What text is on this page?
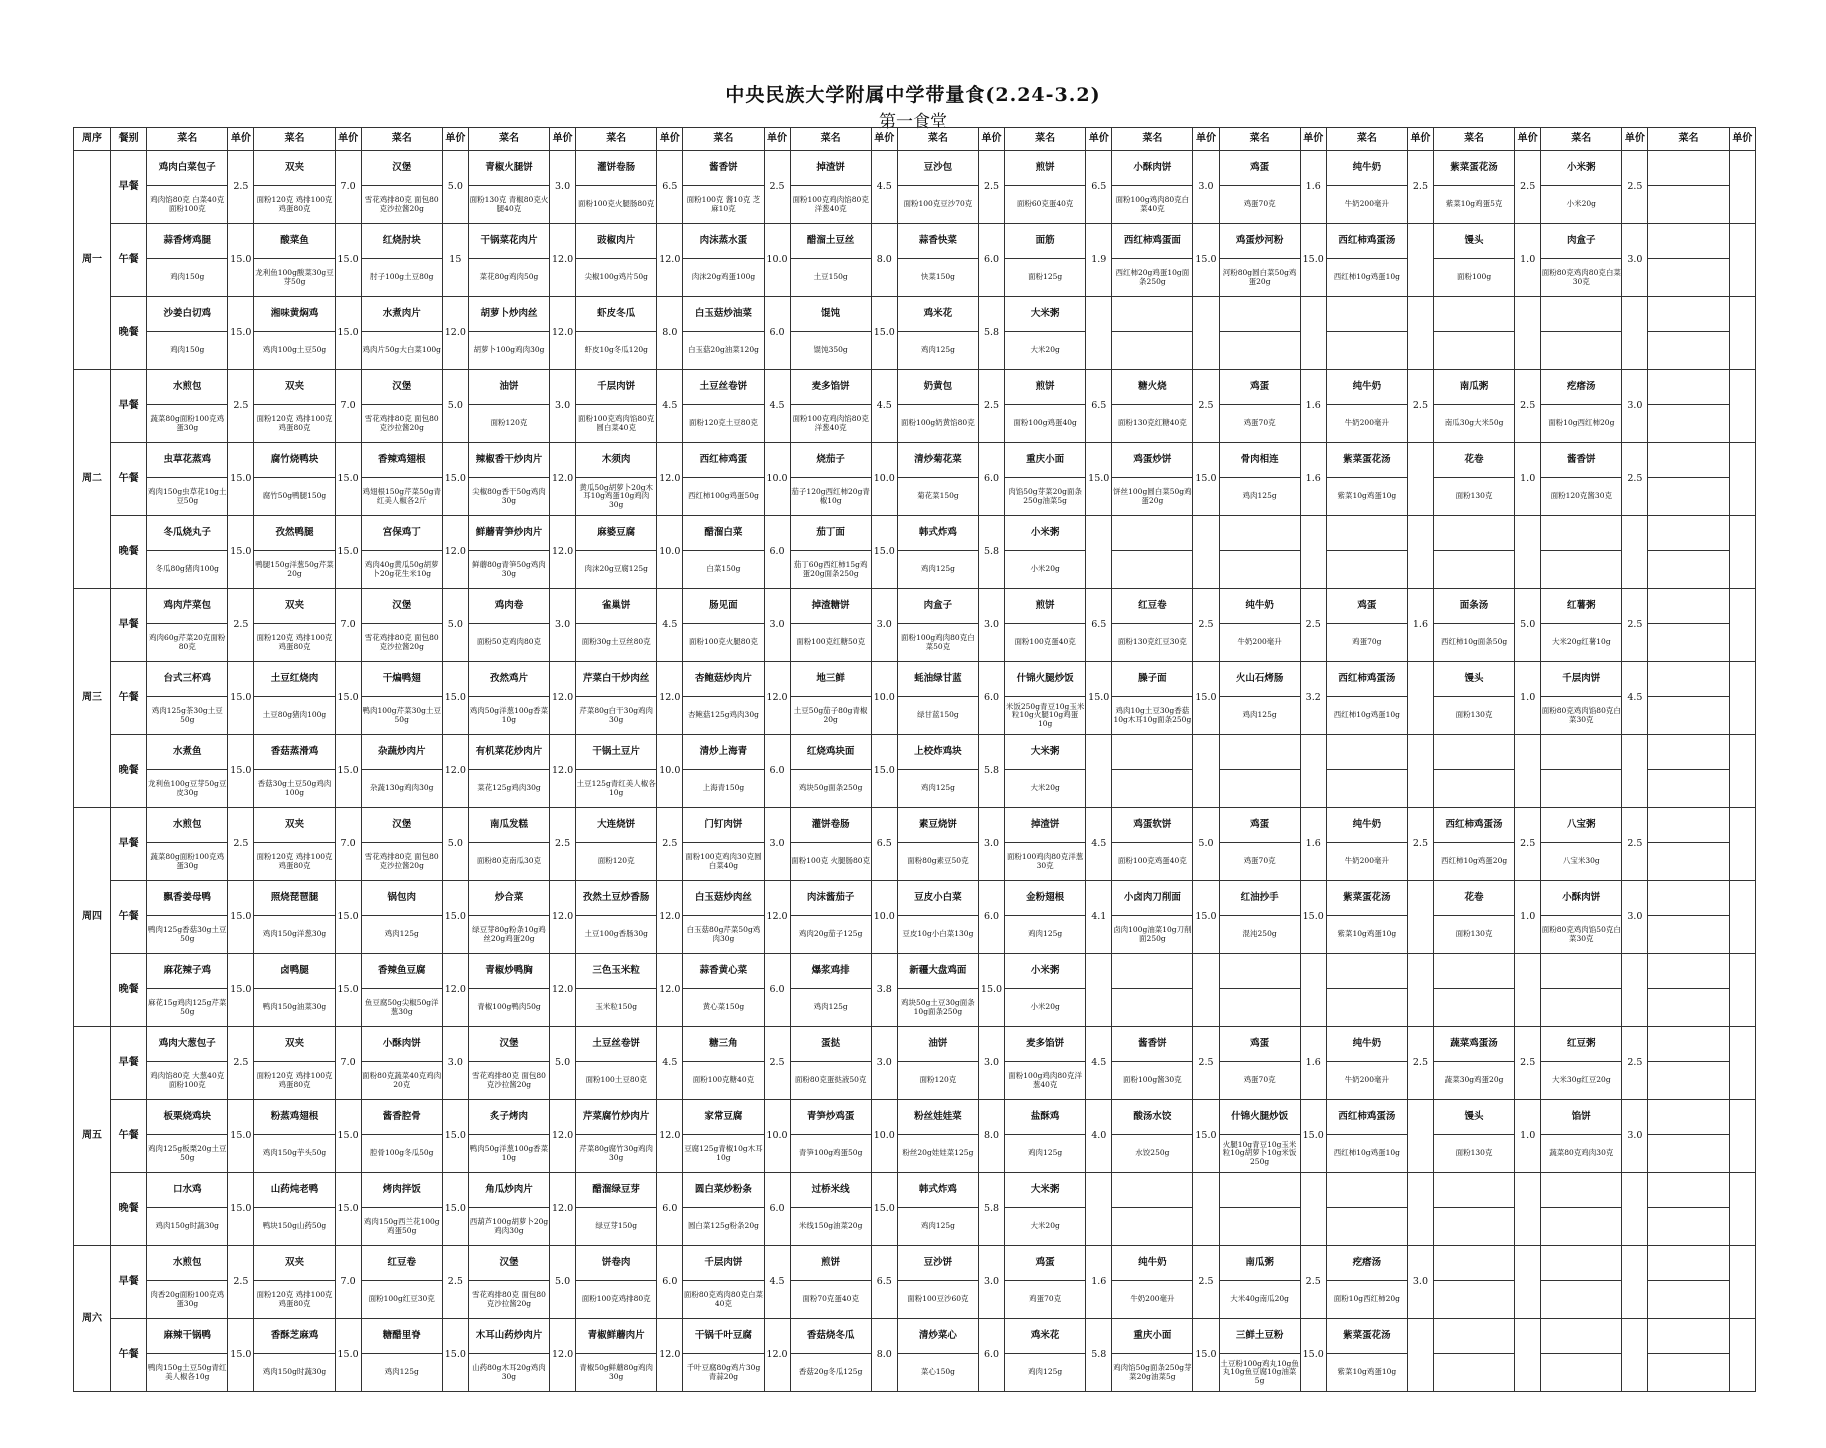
中央民族大学附属中学带量食(2.24-3.2)
第一食堂
周序	餐别	菜名	单价	菜名	单价	菜名	单价	菜名	单价	菜名	单价	菜名	单价	菜名	单价	菜名	单价	菜名	单价	菜名	单价	菜名	单价	菜名	单价	菜名	单价	菜名	单价	菜名	单价
周一	早餐	鸡肉白菜包子	2.5	双夹	7.0	汉堡	5.0	青椒火腿饼	3.0	灌饼卷肠	6.5	酱香饼	2.5	掉渣饼	4.5	豆沙包	2.5	煎饼	6.5	小酥肉饼	3.0	鸡蛋	1.6	纯牛奶	2.5	紫菜蛋花汤	2.5	小米粥	2.5		
		鸡肉馅80克 白菜40克 面粉100克		面粉120克 鸡排100克 鸡蛋80克		雪花鸡排80克 面包80克沙拉酱20g		面粉130克 青椒80克火腿40克		面粉100克火腿肠80克		面粉100克 酱10克 芝麻10克		面粉100克鸡肉馅80克洋葱40克		面粉100克豆沙70克		面粉60克蛋40克		面粉100g鸡肉80克白菜40克		鸡蛋70克		牛奶200毫升		紫菜10g鸡蛋5克		小米20g			
	午餐	蒜香烤鸡腿	15.0	酸菜鱼	15.0	红烧肘块	15	干锅菜花肉片	12.0	豉椒肉片	12.0	肉沫蒸水蛋	10.0	醋溜土豆丝	8.0	蒜香快菜	6.0	面筋	1.9	西红柿鸡蛋面	15.0	鸡蛋炒河粉	15.0	西红柿鸡蛋汤		馒头	1.0	肉盒子	3.0		
		鸡肉150g		龙利鱼100g酸菜30g豆芽50g		肘子100g土豆80g		菜花80g鸡肉50g		尖椒100g鸡片50g		肉沫20g鸡蛋100g		土豆150g		快菜150g		面粉125g		西红柿20g鸡蛋10g面条250g		河粉80g圆白菜50g鸡蛋20g		西红柿10g鸡蛋10g		面粉100g		面粉80克鸡肉80克白菜30克			
	晚餐	沙姜白切鸡	15.0	湘味黄焖鸡	15.0	水煮肉片	12.0	胡萝卜炒肉丝	12.0	虾皮冬瓜	8.0	白玉菇炒油菜	6.0	馄饨	15.0	鸡米花	5.8	大米粥													
		鸡肉150g		鸡肉100g土豆50g		鸡肉片50g大白菜100g		胡萝卜100g鸡肉30g		虾皮10g冬瓜120g		白玉菇20g油菜120g		馄饨350g		鸡肉125g		大米20g													
周二	早餐	水煎包	2.5	双夹	7.0	汉堡	5.0	油饼	3.0	千层肉饼	4.5	土豆丝卷饼	4.5	麦多馅饼	4.5	奶黄包	2.5	煎饼	6.5	糖火烧	2.5	鸡蛋	1.6	纯牛奶	2.5	南瓜粥	2.5	疙瘩汤	3.0		
		蔬菜80g面粉100克鸡蛋30g		面粉120克 鸡排100克 鸡蛋80克		雪花鸡排80克 面包80克沙拉酱20g		面粉120克		面粉100克鸡肉馅80克圆白菜40克		面粉120克土豆80克		面粉100克鸡肉馅80克洋葱40克		面粉100g奶黄馅80克		面粉100g鸡蛋40g		面粉130克红糖40克		鸡蛋70克		牛奶200毫升		南瓜30g大米50g		面粉10g西红柿20g			
	午餐	虫草花蒸鸡	15.0	腐竹烧鸭块	15.0	香辣鸡翅根	15.0	辣椒香干炒肉片	12.0	木须肉	12.0	西红柿鸡蛋	10.0	烧茄子	10.0	清炒菊花菜	6.0	重庆小面	15.0	鸡蛋炒饼	15.0	骨肉相连	1.6	紫菜蛋花汤		花卷	1.0	酱香饼	2.5		
		鸡肉150g虫草花10g土豆50g		腐竹50g鸭腿150g		鸡翅根150g芹菜50g青红美人椒各2斤		尖椒80g香干50g鸡肉30g		黄瓜50g胡萝卜20g木耳10g鸡蛋10g鸡肉30g		西红柿100g鸡蛋50g		茄子120g西红柿20g青椒10g		菊花菜150g		肉馅50g芽菜20g面条250g油菜5g		饼丝100g圆白菜50g鸡蛋20g		鸡肉125g		紫菜10g鸡蛋10g		面粉130克		面粉120克酱30克			
	晚餐	冬瓜烧丸子	15.0	孜然鸭腿	15.0	宫保鸡丁	12.0	鲜蘑青笋炒肉片	12.0	麻婆豆腐	10.0	醋溜白菜	6.0	茄丁面	15.0	韩式炸鸡	5.8	小米粥													
		冬瓜80g猪肉100g		鸭腿150g洋葱50g芹菜20g		鸡肉40g黄瓜50g胡萝卜20g花生米10g		鲜蘑80g青笋50g鸡肉30g		肉沫20g豆腐125g		白菜150g		茄丁60g西红柿15g鸡蛋20g面条250g		鸡肉125g		小米20g													
周三	早餐	鸡肉芹菜包	2.5	双夹	7.0	汉堡	5.0	鸡肉卷	3.0	雀巢饼	4.5	肠见面	3.0	掉渣糖饼	3.0	肉盒子	3.0	煎饼	6.5	红豆卷	2.5	纯牛奶	2.5	鸡蛋	1.6	面条汤	5.0	红薯粥	2.5		
		鸡肉60g芹菜20克面粉80克		面粉120克 鸡排100克 鸡蛋80克		雪花鸡排80克 面包80克沙拉酱20g		面粉50克鸡肉80克		面粉30g土豆丝80克		面粉100克火腿80克		面粉100克红糖50克		面粉100g鸡肉80克白菜50克		面粉100克蛋40克		面粉130克红豆30克		牛奶200毫升		鸡蛋70g		西红柿10g面条50g		大米20g红薯10g			
	午餐	台式三杯鸡	15.0	土豆红烧肉	15.0	干煸鸭翅	15.0	孜然鸡片	12.0	芹菜白干炒肉丝	12.0	杏鲍菇炒肉片	12.0	地三鲜	10.0	蚝油绿甘蓝	6.0	什锦火腿炒饭	15.0	臊子面	15.0	火山石烤肠	3.2	西红柿鸡蛋汤		馒头	1.0	千层肉饼	4.5		
		鸡肉125g茶30g土豆50g		土豆80g猪肉100g		鸭肉100g芹菜30g土豆50g		鸡肉50g洋葱100g香菜10g		芹菜80g白干30g鸡肉30g		杏鲍菇125g鸡肉30g		土豆50g茄子80g青椒20g		绿甘蓝150g		米饭250g青豆10g玉米粒10g火腿10g鸡蛋10g		鸡肉10g土豆30g香菇10g木耳10g面条250g		鸡肉125g		西红柿10g鸡蛋10g		面粉130克		面粉80克鸡肉馅80克白菜30克			
	晚餐	水煮鱼	15.0	香菇蒸滑鸡	15.0	杂蔬炒肉片	12.0	有机菜花炒肉片	12.0	干锅土豆片	10.0	清炒上海青	6.0	红烧鸡块面	15.0	上校炸鸡块	5.8	大米粥													
		龙利鱼100g豆芽50g豆皮30g		香菇30g土豆50g鸡肉100g		杂蔬130g鸡肉30g		菜花125g鸡肉30g		土豆125g青红美人椒各10g		上海青150g		鸡块50g面条250g		鸡肉125g		大米20g													
周四	早餐	水煎包	2.5	双夹	7.0	汉堡	5.0	南瓜发糕	2.5	大连烧饼	2.5	门钉肉饼	3.0	灌饼卷肠	6.5	素豆烧饼	3.0	掉渣饼	4.5	鸡蛋软饼	5.0	鸡蛋	1.6	纯牛奶	2.5	西红柿鸡蛋汤	2.5	八宝粥	2.5		
		蔬菜80g面粉100克鸡蛋30g		面粉120克 鸡排100克 鸡蛋80克		雪花鸡排80克 面包80克沙拉酱20g		面粉80克南瓜30克		面粉120克		面粉100克鸡肉30克圆白菜40g		面粉100克 火腿肠80克		面粉80g素豆50克		面粉100鸡肉80克洋葱30克		面粉100克鸡蛋40克		鸡蛋70克		牛奶200毫升		西红柿10g鸡蛋20g		八宝米30g			
	午餐	飘香姜母鸭	15.0	照烧琵琶腿	15.0	锅包肉	15.0	炒合菜	12.0	孜然土豆炒香肠	12.0	白玉菇炒肉丝	12.0	肉沫酱茄子	10.0	豆皮小白菜	6.0	金粉翅根	4.1	小卤肉刀削面	15.0	红油抄手	15.0	紫菜蛋花汤		花卷	1.0	小酥肉饼	3.0		
		鸭肉125g香菇30g土豆50g		鸡肉150g洋葱30g		鸡肉125g		绿豆芽80g粉条10g鸡丝20g鸡蛋20g		土豆100g香肠30g		白玉菇80g芹菜50g鸡肉30g		鸡肉20g茄子125g		豆皮10g小白菜130g		鸡肉125g		卤肉100g油菜10g刀削面250g		混沌250g		紫菜10g鸡蛋10g		面粉130克		面粉80克鸡肉馅50克白菜30克			
	晚餐	麻花辣子鸡	15.0	卤鸭腿	15.0	香辣鱼豆腐	12.0	青椒炒鸭胸	12.0	三色玉米粒	12.0	蒜香黄心菜	6.0	爆浆鸡排	3.8	新疆大盘鸡面	15.0	小米粥													
		麻花15g鸡肉125g芹菜50g		鸭肉150g油菜30g		鱼豆腐50g尖椒50g洋葱30g		青椒100g鸭肉50g		玉米粒150g		黄心菜150g		鸡肉125g		鸡块50g土豆30g面条10g面条250g		小米20g													
周五	早餐	鸡肉大葱包子	2.5	双夹	7.0	小酥肉饼	3.0	汉堡	5.0	土豆丝卷饼	4.5	糖三角	2.5	蛋挞	3.0	油饼	3.0	麦多馅饼	4.5	酱香饼	2.5	鸡蛋	1.6	纯牛奶	2.5	蔬菜鸡蛋汤	2.5	红豆粥	2.5		
		鸡肉馅80克 大葱40克面粉100克		面粉120克 鸡排100克 鸡蛋80克		面粉80克蔬菜40克鸡肉20克		雪花鸡排80克 面包80克沙拉酱20g		面粉100土豆80克		面粉100克糖40克		面粉80克蛋挞液50克		面粉120克		面粉100g鸡肉80克洋葱40克		面粉100g酱30克		鸡蛋70克		牛奶200毫升		蔬菜30g鸡蛋20g		大米30g红豆20g			
	午餐	板栗烧鸡块	15.0	粉蒸鸡翅根	15.0	酱香腔骨	15.0	炙子烤肉	12.0	芹菜腐竹炒肉片	12.0	家常豆腐	10.0	青笋炒鸡蛋	10.0	粉丝娃娃菜	8.0	盐酥鸡	4.0	酸汤水饺	15.0	什锦火腿炒饭	15.0	西红柿鸡蛋汤		馒头	1.0	馅饼	3.0		
		鸡肉125g板栗20g土豆50g		鸡肉150g芋头50g		腔骨100g冬瓜50g		鸭肉50g洋葱100g香菜10g		芹菜80g腐竹30g鸡肉30g		豆腐125g青椒10g木耳10g		青笋100g鸡蛋50g		粉丝20g娃娃菜125g		鸡肉125g		水饺250g		火腿10g青豆10g玉米粒10g胡萝卜10g米饭250g		西红柿10g鸡蛋10g		面粉130克		蔬菜80克鸡肉30克			
	晚餐	口水鸡	15.0	山药炖老鸭	15.0	烤肉拌饭	15.0	角瓜炒肉片	12.0	醋溜绿豆芽	6.0	圆白菜炒粉条	6.0	过桥米线	15.0	韩式炸鸡	5.8	大米粥													
		鸡肉150g时蔬30g		鸭块150g山药50g		鸡肉150g西兰花100g鸡蛋50g		西葫芦100g胡萝卜20g鸡肉30g		绿豆芽150g		圆白菜125g粉条20g		米线150g油菜20g		鸡肉125g		大米20g													
周六	早餐	水煎包	2.5	双夹	7.0	红豆卷	2.5	汉堡	5.0	饼卷肉	6.0	千层肉饼	4.5	煎饼	6.5	豆沙饼	3.0	鸡蛋	1.6	纯牛奶	2.5	南瓜粥	2.5	疙瘩汤	3.0						
		肉香20g面粉100克鸡蛋30g		面粉120克 鸡排100克 鸡蛋80克		面粉100g红豆30克		雪花鸡排80克 面包80克沙拉酱20g		面粉100克鸡排80克		面粉80克鸡肉80克白菜40克		面粉70克蛋40克		面粉100豆沙60克		鸡蛋70克		牛奶200毫升		大米40g南瓜20g		面粉10g西红柿20g							
	午餐	麻辣干锅鸭	15.0	香酥芝麻鸡	15.0	糖醋里脊	15.0	木耳山药炒肉片	12.0	青椒鲜蘑肉片	12.0	干锅千叶豆腐	12.0	香菇烧冬瓜	8.0	清炒菜心	6.0	鸡米花	5.8	重庆小面	15.0	三鲜土豆粉	15.0	紫菜蛋花汤							
		鸭肉150g土豆50g青红美人椒各10g		鸡肉150g时蔬30g		鸡肉125g		山药80g木耳20g鸡肉30g		青椒50g鲜蘑80g鸡肉30g		千叶豆腐80g鸡片30g青蒜20g		香菇20g冬瓜125g		菜心150g		鸡肉125g		鸡肉馅50g面条250g芽菜20g油菜5g		土豆粉100g鸡丸10g鱼丸10g鱼豆腐10g油菜5g		紫菜10g鸡蛋10g							
